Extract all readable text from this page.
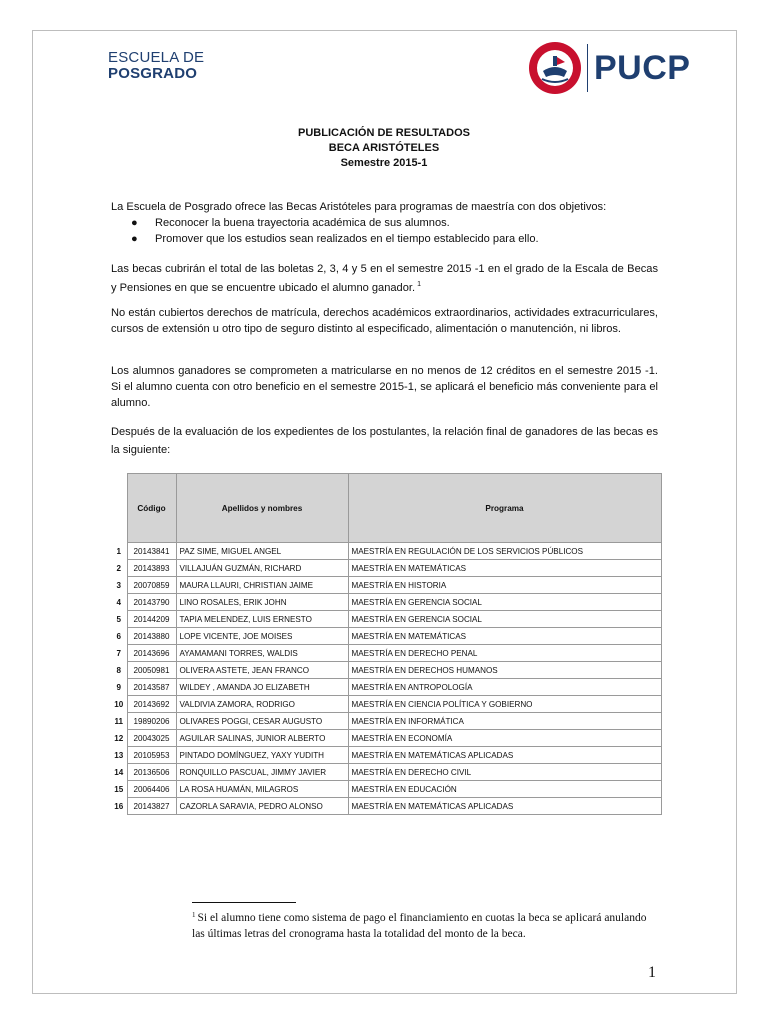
ESCUELA DE
POSGRADO	PUCP
PUBLICACIÓN DE RESULTADOS
BECA ARISTÓTELES
Semestre 2015-1

La Escuela de Posgrado ofrece las Becas Aristóteles para programas de maestría con dos objetivos:

● Reconocer la buena trayectoria académica de sus alumnos.
● Promover que los estudios sean realizados en el tiempo establecido para ello.

Las becas cubrirán el total de las boletas 2, 3, 4 y 5 en el semestre 2015 -1 en el grado de la Escala de Becas y Pensiones en que se encuentre ubicado el alumno ganador. $^1$

No están cubiertos derechos de matrícula, derechos académicos extraordinarios, actividades extracurriculares, cursos de extensión u otro tipo de seguro distinto al especificado, alimentación o manutención, ni libros.

Los alumnos ganadores se comprometen a matricularse en no menos de 12 créditos en el semestre 2015 -1. Si el alumno cuenta con otro beneficio en el semestre 2015-1, se aplicará el beneficio más conveniente para el alumno.

Después de la evaluación de los expedientes de los postulantes, la relación final de ganadores de las becas es la siguiente:

	Código	Apellidos y nombres	Programa
1	20143841	PAZ SIME, MIGUEL ANGEL	MAESTRÍA EN REGULACIÓN DE LOS SERVICIOS PÚBLICOS
2	20143893	VILLAJUÁN GUZMÁN, RICHARD	MAESTRÍA EN MATEMÁTICAS
3	20070859	MAURA LLAURI, CHRISTIAN JAIME	MAESTRÍA EN HISTORIA
4	20143790	LINO ROSALES, ERIK JOHN	MAESTRÍA EN GERENCIA SOCIAL
5	20144209	TAPIA MELENDEZ, LUIS ERNESTO	MAESTRÍA EN GERENCIA SOCIAL
6	20143880	LOPE VICENTE, JOE MOISES	MAESTRÍA EN MATEMÁTICAS
7	20143696	AYAMAMANI TORRES, WALDIS	MAESTRÍA EN DERECHO PENAL
8	20050981	OLIVERA ASTETE, JEAN FRANCO	MAESTRÍA EN DERECHOS HUMANOS
9	20143587	WILDEY , AMANDA JO ELIZABETH	MAESTRÍA EN ANTROPOLOGÍA
10	20143692	VALDIVIA ZAMORA, RODRIGO	MAESTRÍA EN CIENCIA POLÍTICA Y GOBIERNO
11	19890206	OLIVARES POGGI, CESAR AUGUSTO	MAESTRÍA EN INFORMÁTICA
12	20043025	AGUILAR SALINAS, JUNIOR ALBERTO	MAESTRÍA EN ECONOMÍA
13	20105953	PINTADO DOMÍNGUEZ, YAXY YUDITH	MAESTRÍA EN MATEMÁTICAS APLICADAS
14	20136506	RONQUILLO PASCUAL, JIMMY JAVIER	MAESTRÍA EN DERECHO CIVIL
15	20064406	LA ROSA HUAMÁN, MILAGROS	MAESTRÍA EN EDUCACIÓN
16	20143827	CAZORLA SARAVIA, PEDRO ALONSO	MAESTRÍA EN MATEMÁTICAS APLICADAS
$^1$ Si el alumno tiene como sistema de pago el financiamiento en cuotas la beca se aplicará anulando las últimas letras del cronograma hasta la totalidad del monto de la beca.
1
